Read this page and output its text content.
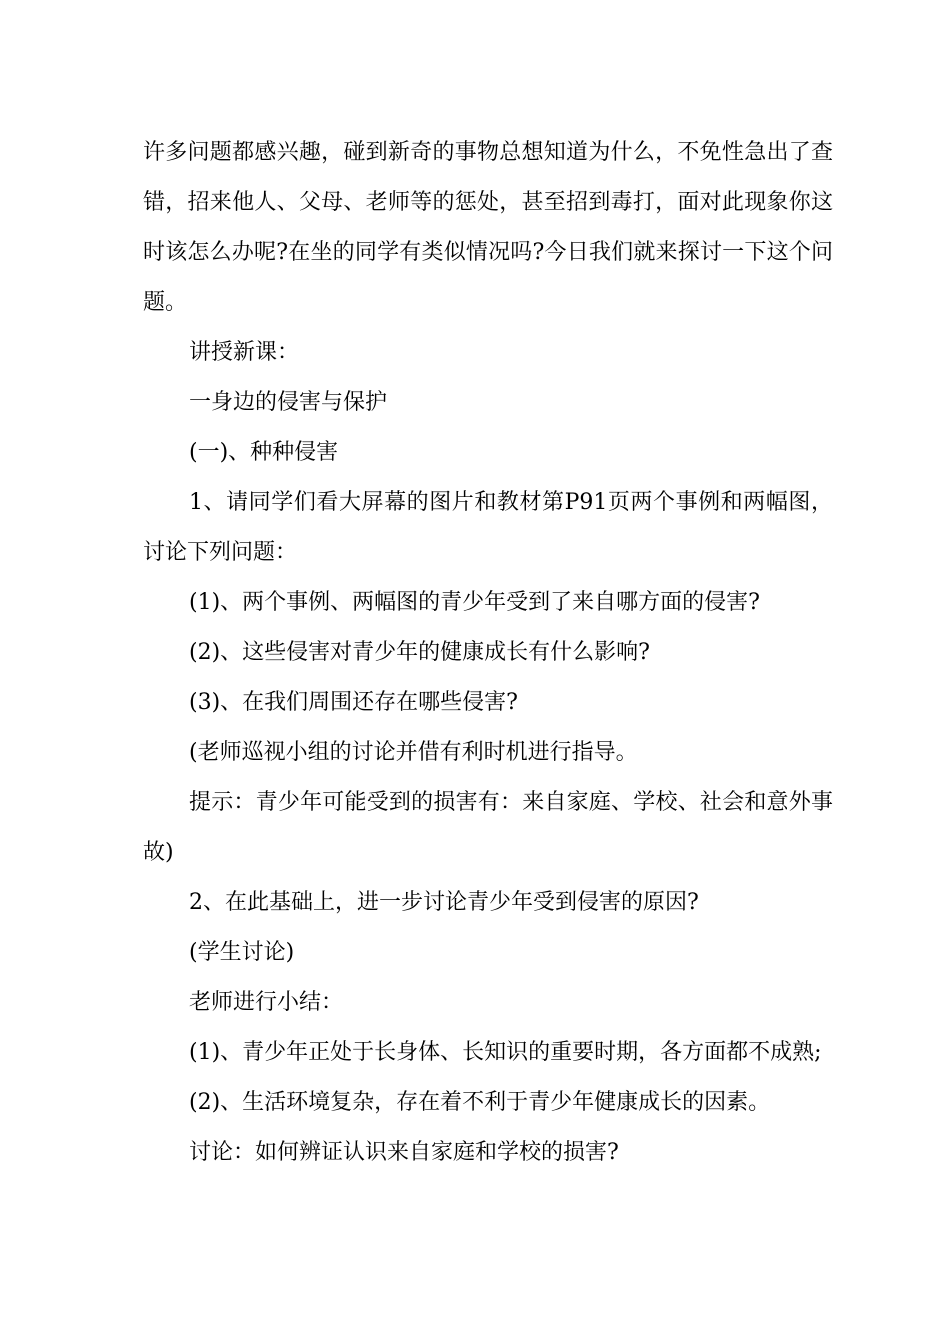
许多问题都感兴趣，碰到新奇的事物总想知道为什么，不免性急出了查错，招来他人、父母、老师等的惩处，甚至招到毒打，面对此现象你这时该怎么办呢?在坐的同学有类似情况吗?今日我们就来探讨一下这个问题。

讲授新课：

一身边的侵害与保护

(一)、种种侵害

1、请同学们看大屏幕的图片和教材第P91页两个事例和两幅图，讨论下列问题：

(1)、两个事例、两幅图的青少年受到了来自哪方面的侵害?

(2)、这些侵害对青少年的健康成长有什么影响?

(3)、在我们周围还存在哪些侵害?

(老师巡视小组的讨论并借有利时机进行指导。

提示：青少年可能受到的损害有：来自家庭、学校、社会和意外事故)

2、在此基础上，进一步讨论青少年受到侵害的原因?

(学生讨论)

老师进行小结：

(1)、青少年正处于长身体、长知识的重要时期，各方面都不成熟;

(2)、生活环境复杂，存在着不利于青少年健康成长的因素。

讨论：如何辨证认识来自家庭和学校的损害?
